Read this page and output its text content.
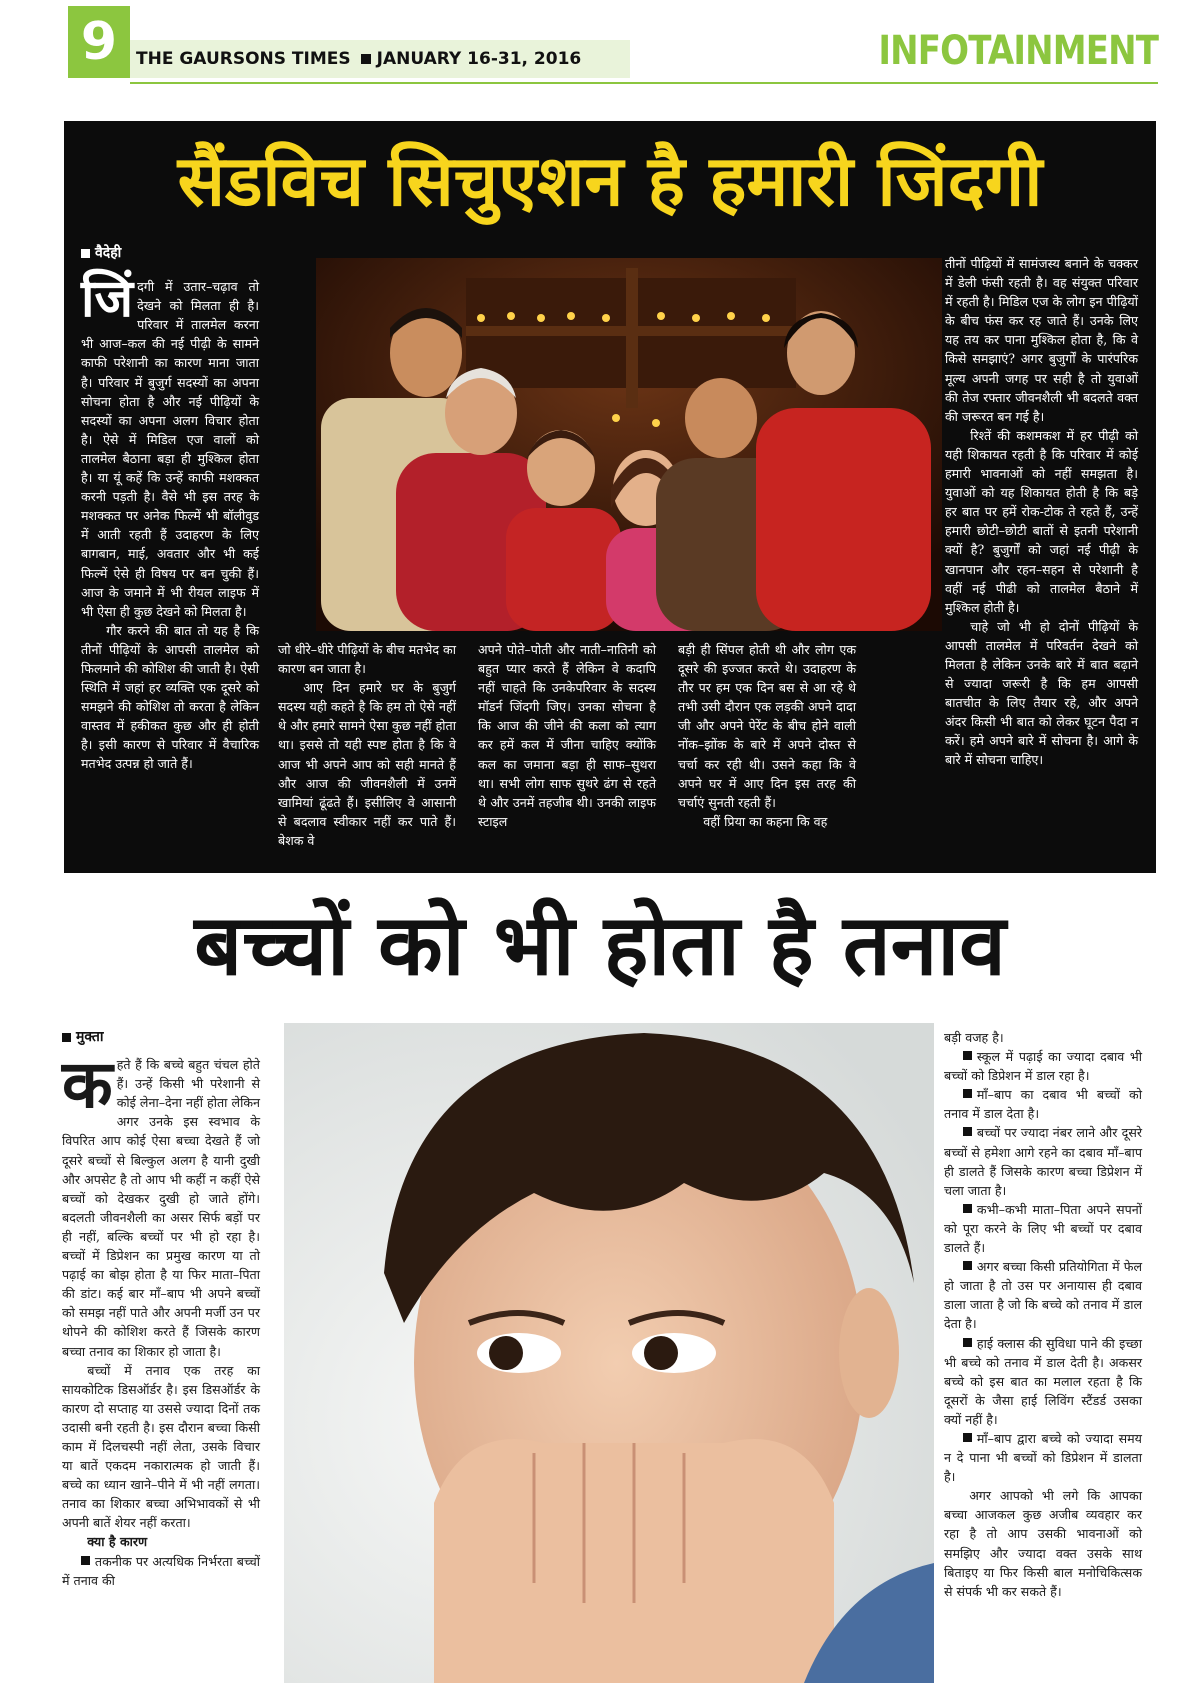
9	THE GAURSONS TIMES JANUARY 16-31, 2016	INFOTAINMENT
सैंडविच सिचुएशन है हमारी जिंदगी
वैदेही

जिंदगी में उतार–चढ़ाव तो देखने को मिलता ही है। परिवार में तालमेल करना भी आज–कल की नई पीढ़ी के सामने काफी परेशानी का कारण माना जाता है। परिवार में बुजुर्ग सदस्यों का अपना सोचना होता है और नई पीढ़ियों के सदस्यों का अपना अलग विचार होता है। ऐसे में मिडिल एज वालों को तालमेल बैठाना बड़ा ही मुश्किल होता है। या यूं कहें कि उन्हें काफी मशक्कत करनी पड़ती है। वैसे भी इस तरह के मशक्कत पर अनेक फिल्में भी बॉलीवुड में आती रहती हैं उदाहरण के लिए बागबान, माई, अवतार और भी कई फिल्में ऐसे ही विषय पर बन चुकी हैं। आज के जमाने में भी रीयल लाइफ में भी ऐसा ही कुछ देखने को मिलता है।

गौर करने की बात तो यह है कि तीनों पीढ़ियों के आपसी तालमेल को फिलमाने की कोशिश की जाती है। ऐसी स्थिति में जहां हर व्यक्ति एक दूसरे को समझने की कोशिश तो करता है लेकिन वास्तव में हकीकत कुछ और ही होती है। इसी कारण से परिवार में वैचारिक मतभेद उत्पन्न हो जाते हैं।

जो धीरे–धीरे पीढ़ियों के बीच मतभेद का कारण बन जाता है।

आए दिन हमारे घर के बुजुर्ग सदस्य यही कहते है कि हम तो ऐसे नहीं थे और हमारे सामने ऐसा कुछ नहीं होता था। इससे तो यही स्पष्ट होता है कि वे आज भी अपने आप को सही मानते हैं और आज की जीवनशैली में उनमें खामियां ढूंढते हैं। इसीलिए वे आसानी से बदलाव स्वीकार नहीं कर पाते हैं। बेशक वे

अपने पोते–पोती और नाती–नातिनी को बहुत प्यार करते हैं लेकिन वे कदापि नहीं चाहते कि उनकेपरिवार के सदस्य मॉडर्न जिंदगी जिए। उनका सोचना है कि आज की जीने की कला को त्याग कर हमें कल में जीना चाहिए क्योंकि कल का जमाना बड़ा ही साफ–सुथरा था। सभी लोग साफ सुथरे ढंग से रहते थे और उनमें तहजीब थी। उनकी लाइफ स्टाइल

बड़ी ही सिंपल होती थी और लोग एक दूसरे की इज्जत करते थे। उदाहरण के तौर पर हम एक दिन बस से आ रहे थे तभी उसी दौरान एक लड़की अपने दादा जी और अपने पेरेंट के बीच होने वाली नोंक–झोंक के बारे में अपने दोस्त से चर्चा कर रही थी। उसने कहा कि वे अपने घर में आए दिन इस तरह की चर्चाएं सुनती रहती हैं।

वहीं प्रिया का कहना कि वह

तीनों पीढ़ियों में सामंजस्य बनाने के चक्कर में डेली फंसी रहती है। वह संयुक्त परिवार में रहती है। मिडिल एज के लोग इन पीढ़ियों के बीच फंस कर रह जाते हैं। उनके लिए यह तय कर पाना मुश्किल होता है, कि वे किसे समझाएं? अगर बुजुर्गों के पारंपरिक मूल्य अपनी जगह पर सही है तो युवाओं की तेज रफ्तार जीवनशैली भी बदलते वक्त की जरूरत बन गई है।

रिश्तें की कशमकश में हर पीढ़ी को यही शिकायत रहती है कि परिवार में कोई हमारी भावनाओं को नहीं समझता है। युवाओं को यह शिकायत होती है कि बड़े हर बात पर हमें रोक-टोक ते रहते हैं, उन्हें हमारी छोटी–छोटी बातों से इतनी परेशानी क्यों है? बुजुर्गों को जहां नई पीढ़ी के खानपान और रहन–सहन से परेशानी है वहीं नई पीढी को तालमेल बैठाने में मुश्किल होती है।

चाहे जो भी हो दोनों पीढ़ियों के आपसी तालमेल में परिवर्तन देखने को मिलता है लेकिन उनके बारे में बात बढ़ाने से ज्यादा जरूरी है कि हम आपसी बातचीत के लिए तैयार रहे, और अपने अंदर किसी भी बात को लेकर घूटन पैदा न करें। हमे अपने बारे में सोचना है। आगे के बारे में सोचना चाहिए।

बच्चों को भी होता है तनाव
मुक्ता

कहते हैं कि बच्चे बहुत चंचल होते हैं। उन्हें किसी भी परेशानी से कोई लेना–देना नहीं होता लेकिन अगर उनके इस स्वभाव के विपरित आप कोई ऐसा बच्चा देखते हैं जो दूसरे बच्चों से बिल्कुल अलग है यानी दुखी और अपसेट है तो आप भी कहीं न कहीं ऐसे बच्चों को देखकर दुखी हो जाते होंगे। बदलती जीवनशैली का असर सिर्फ बड़ों पर ही नहीं, बल्कि बच्चों पर भी हो रहा है। बच्चों में डिप्रेशन का प्रमुख कारण या तो पढ़ाई का बोझ होता है या फिर माता–पिता की डांट। कई बार माँ–बाप भी अपने बच्चों को समझ नहीं पाते और अपनी मर्जी उन पर थोपने की कोशिश करते हैं जिसके कारण बच्चा तनाव का शिकार हो जाता है।

बच्चों में तनाव एक तरह का सायकोटिक डिसऑर्डर है। इस डिसऑर्डर के कारण दो सप्ताह या उससे ज्यादा दिनों तक उदासी बनी रहती है। इस दौरान बच्चा किसी काम में दिलचस्पी नहीं लेता, उसके विचार या बातें एकदम नकारात्मक हो जाती हैं। बच्चे का ध्यान खाने–पीने में भी नहीं लगता। तनाव का शिकार बच्चा अभिभावकों से भी अपनी बातें शेयर नहीं करता।

क्या है कारण

तकनीक पर अत्यधिक निर्भरता बच्चों में तनाव की

बड़ी वजह है।

स्कूल में पढ़ाई का ज्यादा दबाव भी बच्चों को डिप्रेशन में डाल रहा है।

माँ–बाप का दबाव भी बच्चों को तनाव में डाल देता है।

बच्चों पर ज्यादा नंबर लाने और दूसरे बच्चों से हमेशा आगे रहने का दबाव माँ–बाप ही डालते हैं जिसके कारण बच्चा डिप्रेशन में चला जाता है।

कभी–कभी माता–पिता अपने सपनों को पूरा करने के लिए भी बच्चों पर दबाव डालते हैं।

अगर बच्चा किसी प्रतियोगिता में फेल हो जाता है तो उस पर अनायास ही दबाव डाला जाता है जो कि बच्चे को तनाव में डाल देता है।

हाई क्लास की सुविधा पाने की इच्छा भी बच्चे को तनाव में डाल देती है। अकसर बच्चे को इस बात का मलाल रहता है कि दूसरों के जैसा हाई लिविंग स्टैंडर्ड उसका क्यों नहीं है।

माँ–बाप द्वारा बच्चे को ज्यादा समय न दे पाना भी बच्चों को डिप्रेशन में डालता है।

अगर आपको भी लगे कि आपका बच्चा आजकल कुछ अजीब व्यवहार कर रहा है तो आप उसकी भावनाओं को समझिए और ज्यादा वक्त उसके साथ बिताइए या फिर किसी बाल मनोचिकित्सक से संपर्क भी कर सकते हैं।
